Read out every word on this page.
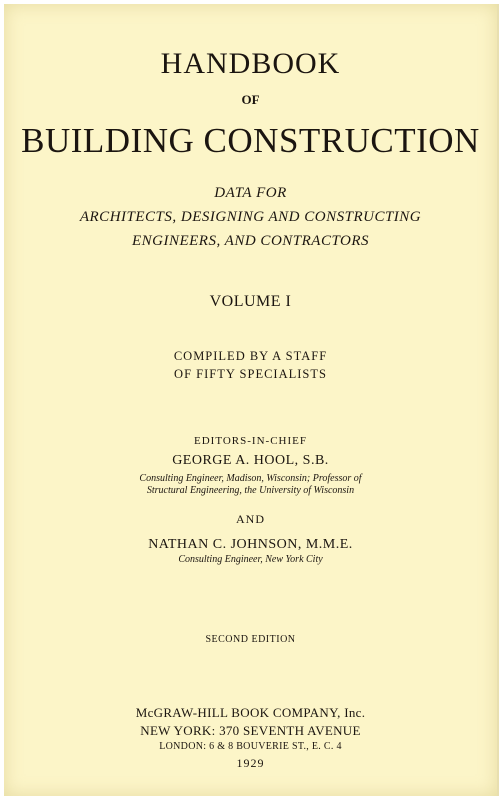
HANDBOOK
OF
BUILDING CONSTRUCTION
DATA FOR
ARCHITECTS, DESIGNING AND CONSTRUCTING
ENGINEERS, AND CONTRACTORS
VOLUME I
COMPILED BY A STAFF
OF FIFTY SPECIALISTS
EDITORS-IN-CHIEF
GEORGE A. HOOL, S.B.
Consulting Engineer, Madison, Wisconsin; Professor of
Structural Engineering, the University of Wisconsin
AND
NATHAN C. JOHNSON, M.M.E.
Consulting Engineer, New York City
SECOND EDITION
McGRAW-HILL BOOK COMPANY, Inc.
NEW YORK: 370 SEVENTH AVENUE
LONDON: 6 & 8 BOUVERIE ST., E. C. 4
1929
